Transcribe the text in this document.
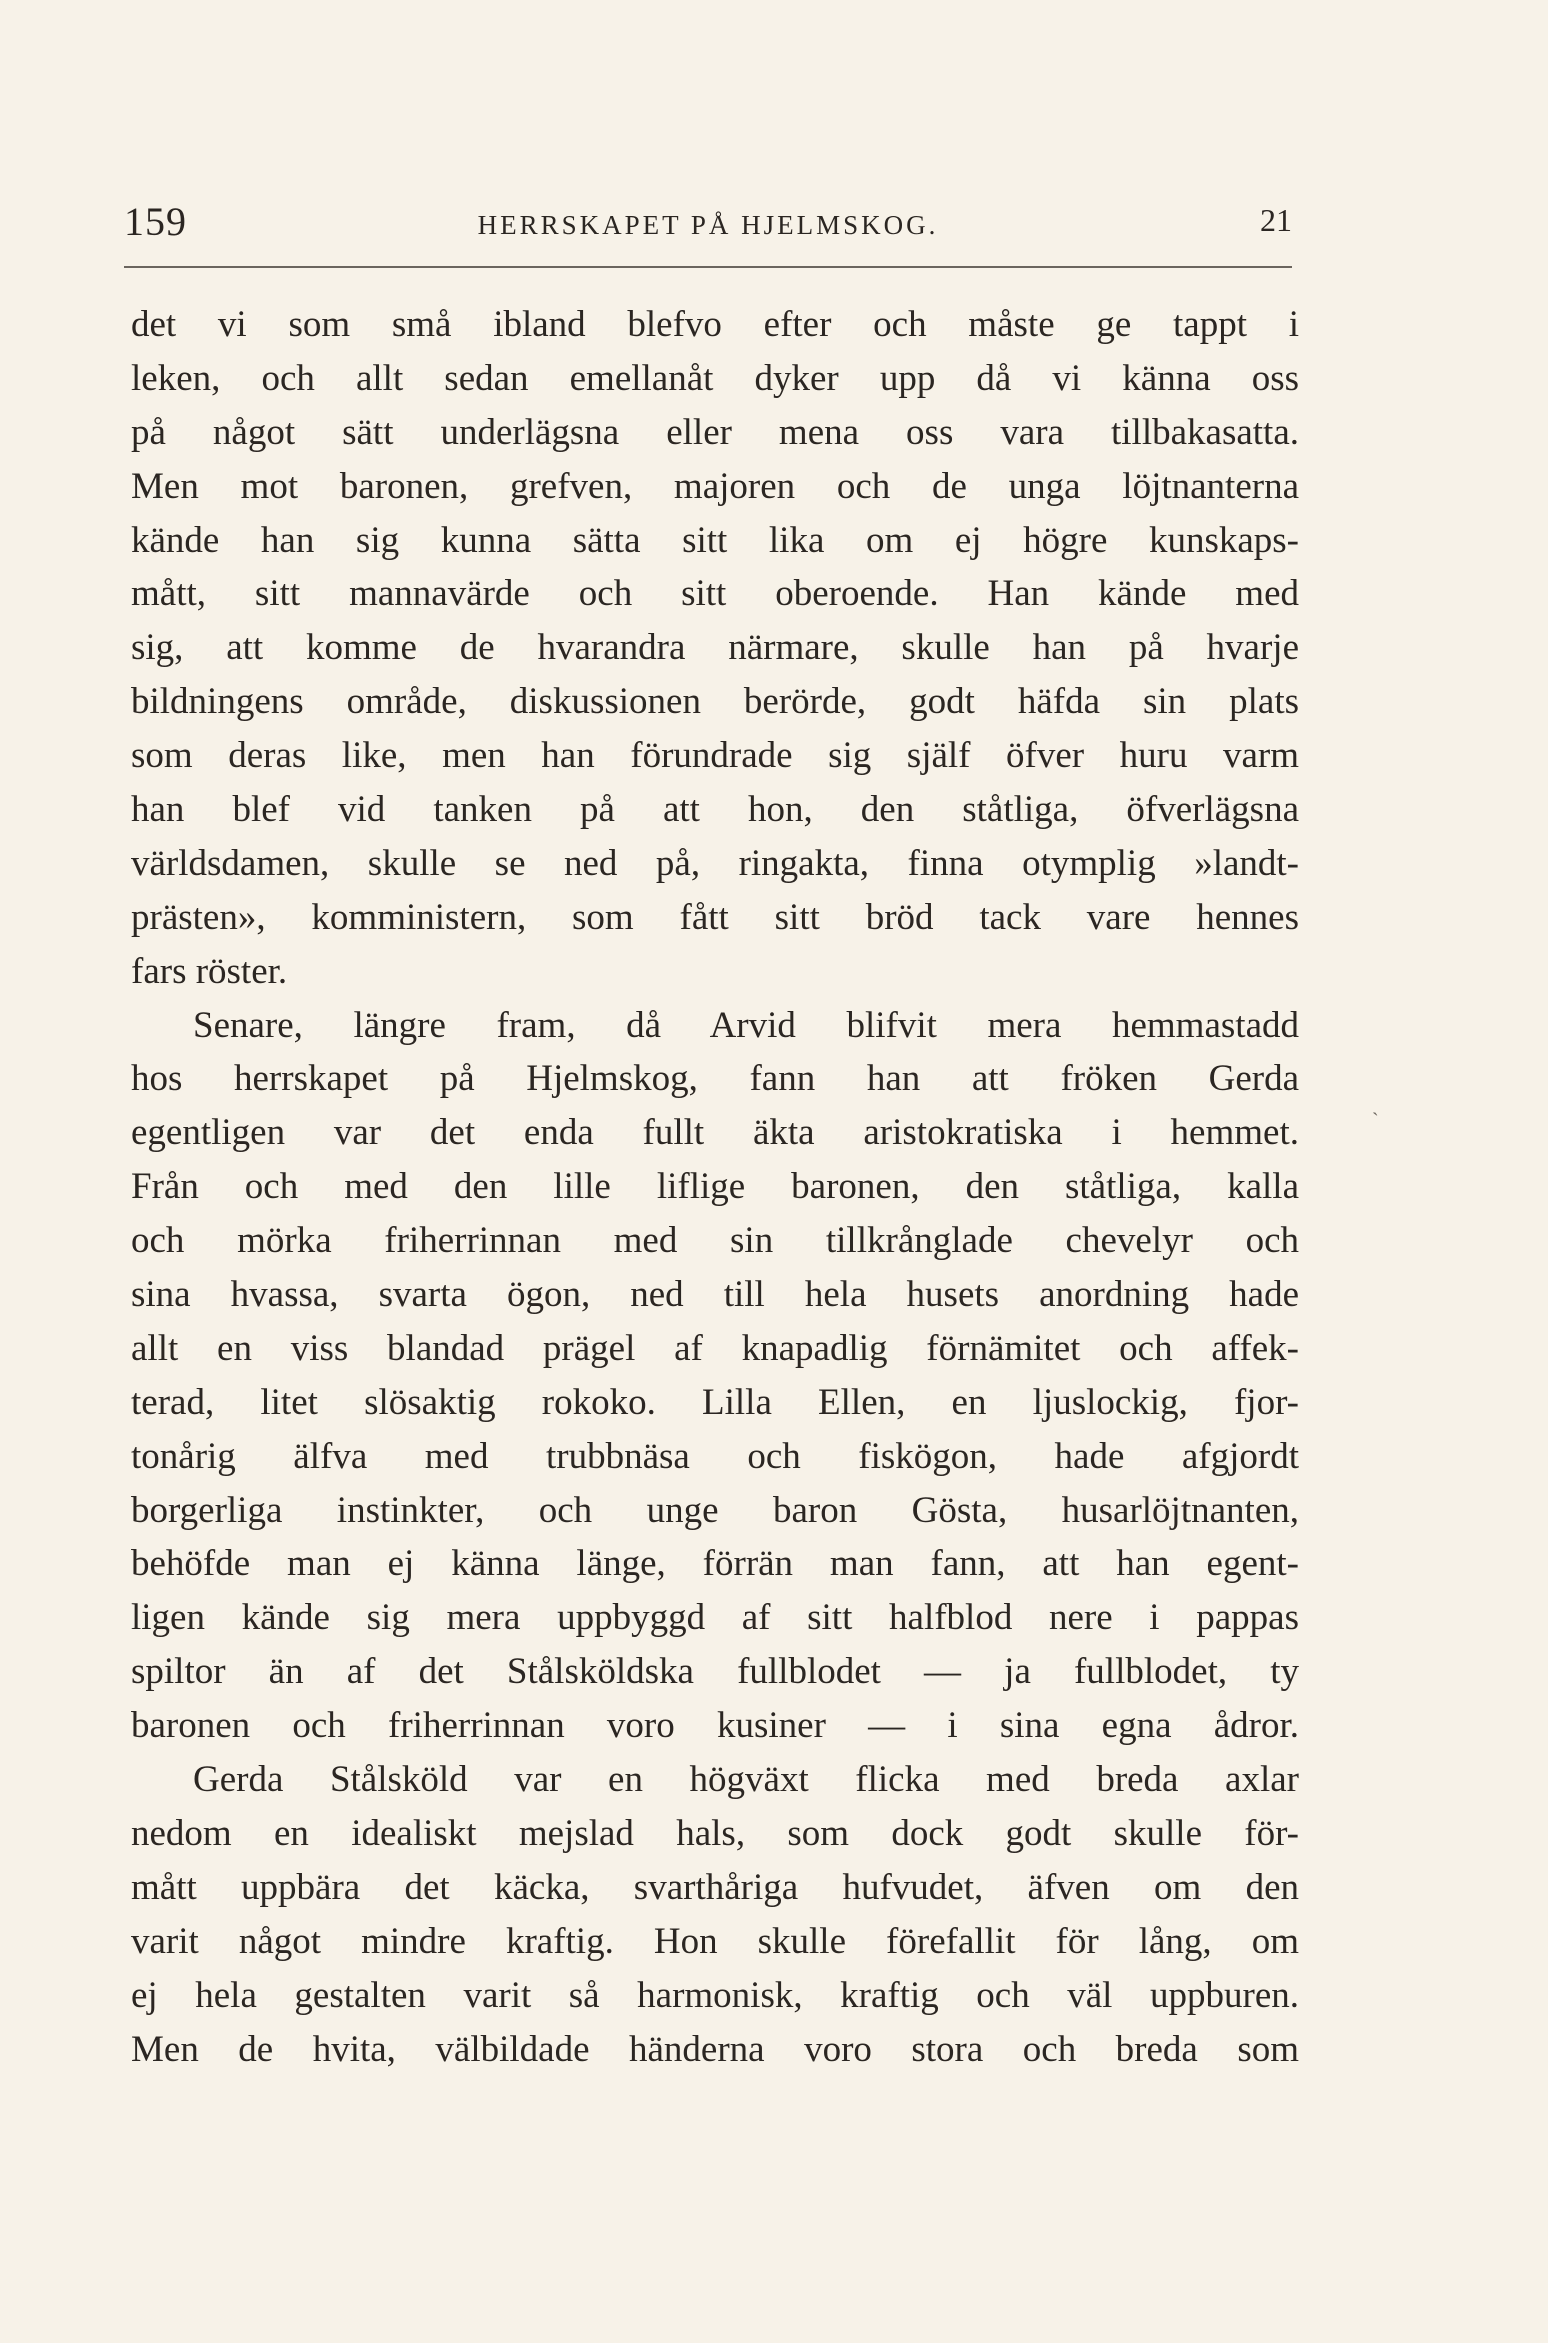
159	HERRSKAPET PÅ HJELMSKOG.	21
det vi som små ibland blefvo efter och måste ge tappt i
leken, och allt sedan emellanåt dyker upp då vi känna oss
på något sätt underlägsna eller mena oss vara tillbakasatta.
Men mot baronen, grefven, majoren och de unga löjtnanterna
kände han sig kunna sätta sitt lika om ej högre kunskaps-
mått, sitt mannavärde och sitt oberoende. Han kände med
sig, att komme de hvarandra närmare, skulle han på hvarje
bildningens område, diskussionen berörde, godt häfda sin plats
som deras like, men han förundrade sig själf öfver huru varm
han blef vid tanken på att hon, den ståtliga, öfverlägsna
världsdamen, skulle se ned på, ringakta, finna otymplig »landt-
prästen», komministern, som fått sitt bröd tack vare hennes
fars röster.
Senare, längre fram, då Arvid blifvit mera hemmastadd
hos herrskapet på Hjelmskog, fann han att fröken Gerda
egentligen var det enda fullt äkta aristokratiska i hemmet.
Från och med den lille liflige baronen, den ståtliga, kalla
och mörka friherrinnan med sin tillkrånglade chevelyr och
sina hvassa, svarta ögon, ned till hela husets anordning hade
allt en viss blandad prägel af knapadlig förnämitet och affek-
terad, litet slösaktig rokoko. Lilla Ellen, en ljuslockig, fjor-
tonårig älfva med trubbnäsa och fiskögon, hade afgjordt
borgerliga instinkter, och unge baron Gösta, husarlöjtnanten,
behöfde man ej känna länge, förrän man fann, att han egent-
ligen kände sig mera uppbyggd af sitt halfblod nere i pappas
spiltor än af det Stålsköldska fullblodet — ja fullblodet, ty
baronen och friherrinnan voro kusiner — i sina egna ådror.
Gerda Stålsköld var en högväxt flicka med breda axlar
nedom en idealiskt mejslad hals, som dock godt skulle för-
mått uppbära det käcka, svarthåriga hufvudet, äfven om den
varit något mindre kraftig. Hon skulle förefallit för lång, om
ej hela gestalten varit så harmonisk, kraftig och väl uppburen.
Men de hvita, välbildade händerna voro stora och breda som
ˎ
